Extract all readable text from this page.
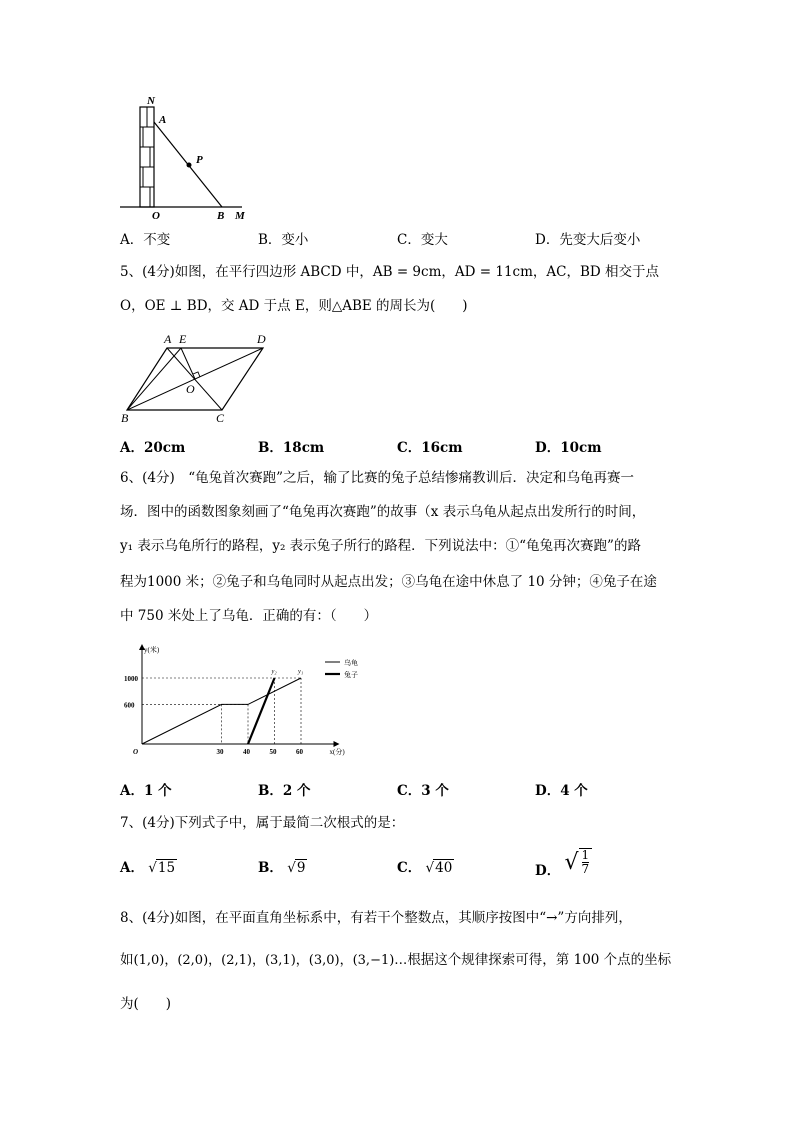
N
A
P
O	B M
A．不变	B．变小	C．变大	D．先变大后变小
5、(4分)如图，在平行四边形 ABCD 中，AB = 9cm，AD = 11cm，AC，BD 相交于点
O，OE ⊥ BD，交 AD 于点 E，则△ABE 的周长为(　　)
A E	D
O
B	C
A．20cm	B．18cm	C．16cm	D．10cm
6、(4分)　“龟兔首次赛跑”之后，输了比赛的兔子总结惨痛教训后．决定和乌龟再赛一
场．图中的函数图象刻画了“龟兔再次赛跑”的故事（x 表示乌龟从起点出发所行的时间，
y₁ 表示乌龟所行的路程，y₂ 表示兔子所行的路程．下列说法中：①“龟兔再次赛跑”的路
程为1000 米；②兔子和乌龟同时从起点出发；③乌龟在途中休息了 10 分钟；④兔子在途
中 750 米处上了乌龟．正确的有：（　　）
y(米)
x(分)
O	30	40	50	60
600
1000
y₁
y₂
乌龟
兔子
A．1 个	B．2 个	C．3 个	D．4 个
7、(4分)下列式子中，属于最简二次根式的是：
A． √15	B． √9	C． √40	D． √ $\frac{1}{7}$
8、(4分)如图，在平面直角坐标系中，有若干个整数点，其顺序按图中“→”方向排列，
如(1,0)，(2,0)，(2,1)，(3,1)，(3,0)，(3,−1)…根据这个规律探索可得，第 100 个点的坐标
为(　　)
